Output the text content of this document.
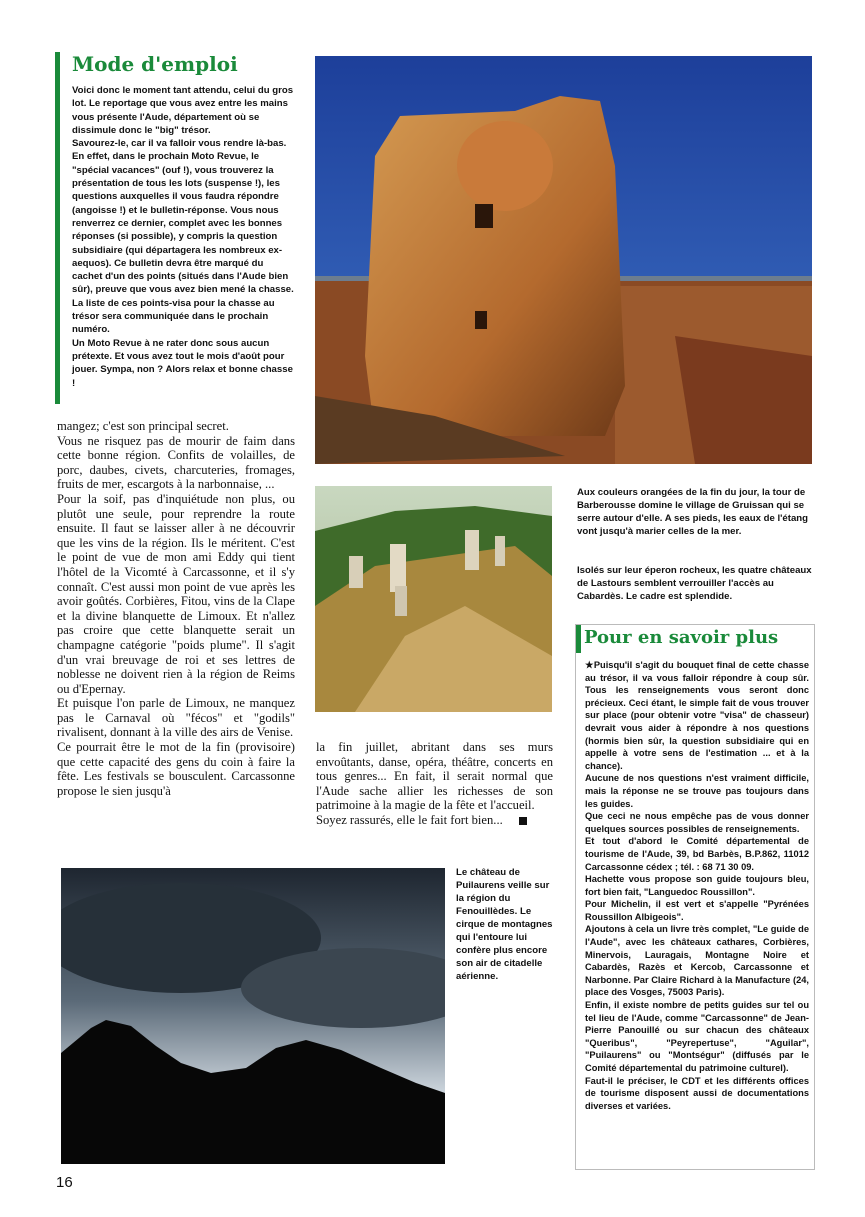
Mode d'emploi

Voici donc le moment tant attendu, celui du gros lot. Le reportage que vous avez entre les mains vous présente l'Aude, département où se dissimule donc le "big" trésor.

Savourez-le, car il va falloir vous rendre là-bas. En effet, dans le prochain Moto Revue, le "spécial vacances" (ouf !), vous trouverez la présentation de tous les lots (suspense !), les questions auxquelles il vous faudra répondre (angoisse !) et le bulletin-réponse. Vous nous renverrez ce dernier, complet avec les bonnes réponses (si possible), y compris la question subsidiaire (qui départagera les nombreux ex-aequos). Ce bulletin devra être marqué du cachet d'un des points (situés dans l'Aude bien sûr), preuve que vous avez bien mené la chasse. La liste de ces points-visa pour la chasse au trésor sera communiquée dans le prochain numéro.

Un Moto Revue à ne rater donc sous aucun prétexte. Et vous avez tout le mois d'août pour jouer. Sympa, non ? Alors relax et bonne chasse !

mangez; c'est son principal secret.

Vous ne risquez pas de mourir de faim dans cette bonne région. Confits de volailles, de porc, daubes, civets, charcuteries, fromages, fruits de mer, escargots à la narbonnaise, ...

Pour la soif, pas d'inquiétude non plus, ou plutôt une seule, pour reprendre la route ensuite. Il faut se laisser aller à ne découvrir que les vins de la région. Ils le méritent. C'est le point de vue de mon ami Eddy qui tient l'hôtel de la Vicomté à Carcassonne, et il s'y connaît. C'est aussi mon point de vue après les avoir goûtés. Corbières, Fitou, vins de la Clape et la divine blanquette de Limoux. Et n'allez pas croire que cette blanquette serait un champagne catégorie "poids plume". Il s'agit d'un vrai breuvage de roi et ses lettres de noblesse ne doivent rien à la région de Reims ou d'Epernay.

Et puisque l'on parle de Limoux, ne manquez pas le Carnaval où "fécos" et "godils" rivalisent, donnant à la ville des airs de Venise.

Ce pourrait être le mot de la fin (provisoire) que cette capacité des gens du coin à faire la fête. Les festivals se bousculent. Carcassonne propose le sien jusqu'à

la fin juillet, abritant dans ses murs envoûtants, danse, opéra, théâtre, concerts en tous genres... En fait, il serait normal que l'Aude sache allier les richesses de son patrimoine à la magie de la fête et l'accueil.

Soyez rassurés, elle le fait fort bien...

Aux couleurs orangées de la fin du jour, la tour de Barberousse domine le village de Gruissan qui se serre autour d'elle. A ses pieds, les eaux de l'étang vont jusqu'à marier celles de la mer.
Isolés sur leur éperon rocheux, les quatre châteaux de Lastours semblent verrouiller l'accès au Cabardès. Le cadre est splendide.
Pour en savoir plus

★Puisqu'il s'agit du bouquet final de cette chasse au trésor, il va vous falloir répondre à coup sûr. Tous les renseignements vous seront donc précieux. Ceci étant, le simple fait de vous trouver sur place (pour obtenir votre "visa" de chasseur) devrait vous aider à répondre à nos questions (hormis bien sûr, la question subsidiaire qui en appelle à votre sens de l'estimation ... et à la chance).

Aucune de nos questions n'est vraiment difficile, mais la réponse ne se trouve pas toujours dans les guides.

Que ceci ne nous empêche pas de vous donner quelques sources possibles de renseignements.

Et tout d'abord le Comité départemental de tourisme de l'Aude, 39, bd Barbès, B.P.862, 11012 Carcassonne cédex ; tél. : 68 71 30 09.

Hachette vous propose son guide toujours bleu, fort bien fait, "Languedoc Roussillon".

Pour Michelin, il est vert et s'appelle "Pyrénées Roussillon Albigeois".

Ajoutons à cela un livre très complet, "Le guide de l'Aude", avec les châteaux cathares, Corbières, Minervois, Lauragais, Montagne Noire et Cabardès, Razès et Kercob, Carcassonne et Narbonne. Par Claire Richard à la Manufacture (24, place des Vosges, 75003 Paris).

Enfin, il existe nombre de petits guides sur tel ou tel lieu de l'Aude, comme "Carcassonne" de Jean-Pierre Panouillé ou sur chacun des châteaux "Queribus", "Peyrepertuse", "Aguilar", "Puilaurens" ou "Montségur" (diffusés par le Comité départemental du patrimoine culturel).

Faut-il le préciser, le CDT et les différents offices de tourisme disposent aussi de documentations diverses et variées.

Le château de Puilaurens veille sur la région du Fenouillèdes. Le cirque de montagnes qui l'entoure lui confère plus encore son air de citadelle aérienne.
16
